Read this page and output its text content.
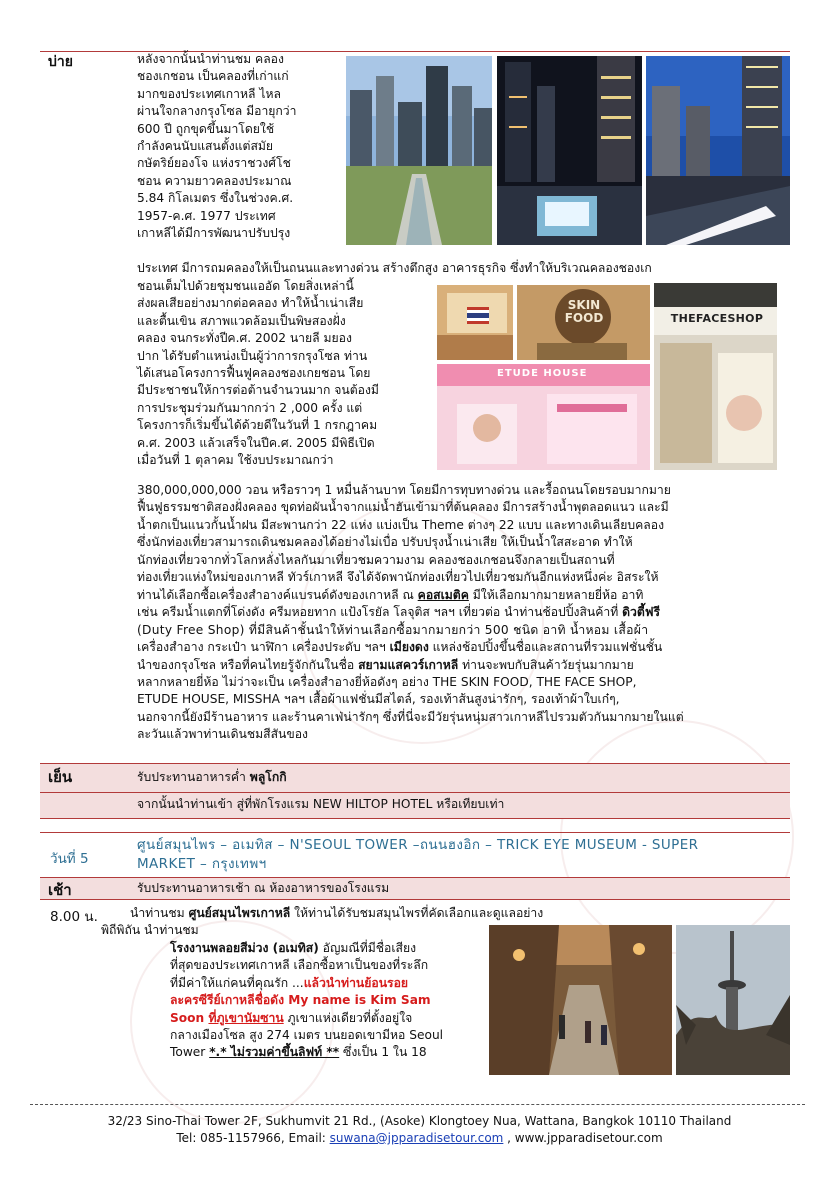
บ่าย	หลังจากนั้นนำท่านชม คลอง

ชองเกชอน เป็นคลองที่เก่าแก่

มากของประเทศเกาหลี ไหล

ผ่านใจกลางกรุงโซล มีอายุกว่า

600 ปี ถูกขุดขึ้นมาโดยใช้

กำลังคนนับแสนตั้งแต่สมัย

กษัตริย์ยองโจ แห่งราชวงศ์โช

ชอน ความยาวคลองประมาณ

5.84 กิโลเมตร ซึ่งในช่วงค.ศ.

1957-ค.ศ. 1977 ประเทศ

เกาหลีได้มีการพัฒนาปรับปรุง

ประเทศ มีการถมคลองให้เป็นถนนและทางด่วน สร้างตึกสูง อาคารธุรกิจ ซึ่งทำให้บริเวณคลองชองเก

ชอนเต็มไปด้วยชุมชนแออัด โดยสิ่งเหล่านี้

ส่งผลเสียอย่างมากต่อคลอง ทำให้น้ำเน่าเสีย

และตื้นเขิน สภาพแวดล้อมเป็นพิษสองฝั่ง

คลอง จนกระทั่งปีค.ศ. 2002 นายลี มยอง

ปาก ได้รับตำแหน่งเป็นผู้ว่าการกรุงโซล ท่าน

ได้เสนอโครงการฟื้นฟูคลองชองเกยชอน โดย

มีประชาชนให้การต่อต้านจำนวนมาก จนต้องมี

การประชุมร่วมกันมากกว่า 2 ,000 ครั้ง แต่

โครงการก็เริ่มขึ้นได้ด้วยดีในวันที่ 1 กรกฎาคม

ค.ศ. 2003 แล้วเสร็จในปีค.ศ. 2005 มีพิธีเปิด

เมื่อวันที่ 1 ตุลาคม ใช้งบประมาณกว่า

SKIN
FOOD	THEFACESHOP
ETUDE HOUSE

380,000,000,000 วอน หรือราวๆ 1 หมื่นล้านบาท โดยมีการทุบทางด่วน และรื้อถนนโดยรอบมากมาย

ฟื้นฟูธรรมชาติสองฝั่งคลอง ขุดท่อผันน้ำจากแม่น้ำฮันเข้ามาที่ต้นคลอง มีการสร้างน้ำพุตลอดแนว และมี

น้ำตกเป็นแนวกั้นน้ำฝน มีสะพานกว่า 22 แห่ง แบ่งเป็น Theme ต่างๆ 22 แบบ และทางเดินเลียบคลอง

ซึ่งนักท่องเที่ยวสามารถเดินชมคลองได้อย่างไม่เบื่อ ปรับปรุงน้ำเน่าเสีย ให้เป็นน้ำใสสะอาด ทำให้

นักท่องเที่ยวจากทั่วโลกหลั่งไหลกันมาเที่ยวชมความงาม คลองชองเกชอนจึงกลายเป็นสถานที่

ท่องเที่ยวแห่งใหม่ของเกาหลี ทัวร์เกาหลี จึงได้จัดพานักท่องเที่ยวไปเที่ยวชมกันอีกแห่งหนึ่งค่ะ อิสระให้

ท่านได้เลือกซื้อเครื่องสำอางค์แบรนด์ดังของเกาหลี ณ คอสเมติค มีให้เลือกมากมายหลายยี่ห้อ อาทิ

เช่น ครีมน้ำแตกที่โด่งดัง ครีมหอยทาก แป้งโรยัล โลจุติส ฯลฯ เที่ยวต่อ นำท่านช้อปปิ้งสินค้าที่ ดิวตี้ฟรี

(Duty Free Shop) ที่มีสินค้าชั้นนำให้ท่านเลือกซื้อมากมายกว่า 500 ชนิด อาทิ น้ำหอม เสื้อผ้า

เครื่องสำอาง กระเป๋า นาฬิกา เครื่องประดับ ฯลฯ เมียงดง แหล่งช้อปปิ้งขึ้นชื่อและสถานที่รวมแฟชั่นชั้น

นำของกรุงโซล หรือที่คนไทยรู้จักกันในชื่อ สยามแสควร์เกาหลี ท่านจะพบกับสินค้าวัยรุ่นมากมาย

หลากหลายยี่ห้อ ไม่ว่าจะเป็น เครื่องสำอางยี่ห้อดังๆ อย่าง THE SKIN FOOD, THE FACE SHOP,

ETUDE HOUSE, MISSHA ฯลฯ เสื้อผ้าแฟชั่นมีสไตล์, รองเท้าส้นสูงน่ารักๆ, รองเท้าผ้าใบเก๋ๆ,

นอกจากนี้ยังมีร้านอาหาร และร้านคาเฟ่น่ารักๆ ซึ่งที่นี่จะมีวัยรุ่นหนุ่มสาวเกาหลีไปรวมตัวกันมากมายในแต่

ละวันแล้วพาท่านเดินชมสีสันของ

เย็น	รับประทานอาหารค่ำ พลูโกกิ
จากนั้นนำท่านเข้า สู่ที่พักโรงแรม NEW HILTOP HOTEL หรือเทียบเท่า
วันที่ 5
ศูนย์สมุนไพร – อเมทิส – N'SEOUL TOWER –ถนนฮงอิก – TRICK EYE MUSEUM - SUPER
MARKET – กรุงเทพฯ
เช้า	รับประทานอาหารเช้า ณ ห้องอาหารของโรงแรม
8.00 น.	นำท่านชม ศูนย์สมุนไพรเกาหลี ให้ท่านได้รับชมสมุนไพรที่คัดเลือกและดูแลอย่าง
พิถีพิถัน นำท่านชม

โรงงานพลอยสีม่วง (อเมทิส) อัญมณีที่มีชื่อเสียง

ที่สุดของประเทศเกาหลี เลือกซื้อหาเป็นของที่ระลึก

ที่มีค่าให้แก่คนที่คุณรัก ...แล้วนำท่านย้อนรอย

ละครซีรีย์เกาหลีชื่อดัง My name is Kim Sam

Soon ที่ภูเขานัมซาน ภูเขาแห่งเดียวที่ตั้งอยู่ใจ

กลางเมืองโซล สูง 274 เมตร บนยอดเขามีหอ Seoul

Tower *.* ไม่รวมค่าขึ้นลิฟท์ ** ซึ่งเป็น 1 ใน 18

32/23 Sino-Thai Tower 2F, Sukhumvit 21 Rd., (Asoke) Klongtoey Nua, Wattana, Bangkok 10110 Thailand
Tel: 085-1157966, Email: suwana@jpparadisetour.com , www.jpparadisetour.com
